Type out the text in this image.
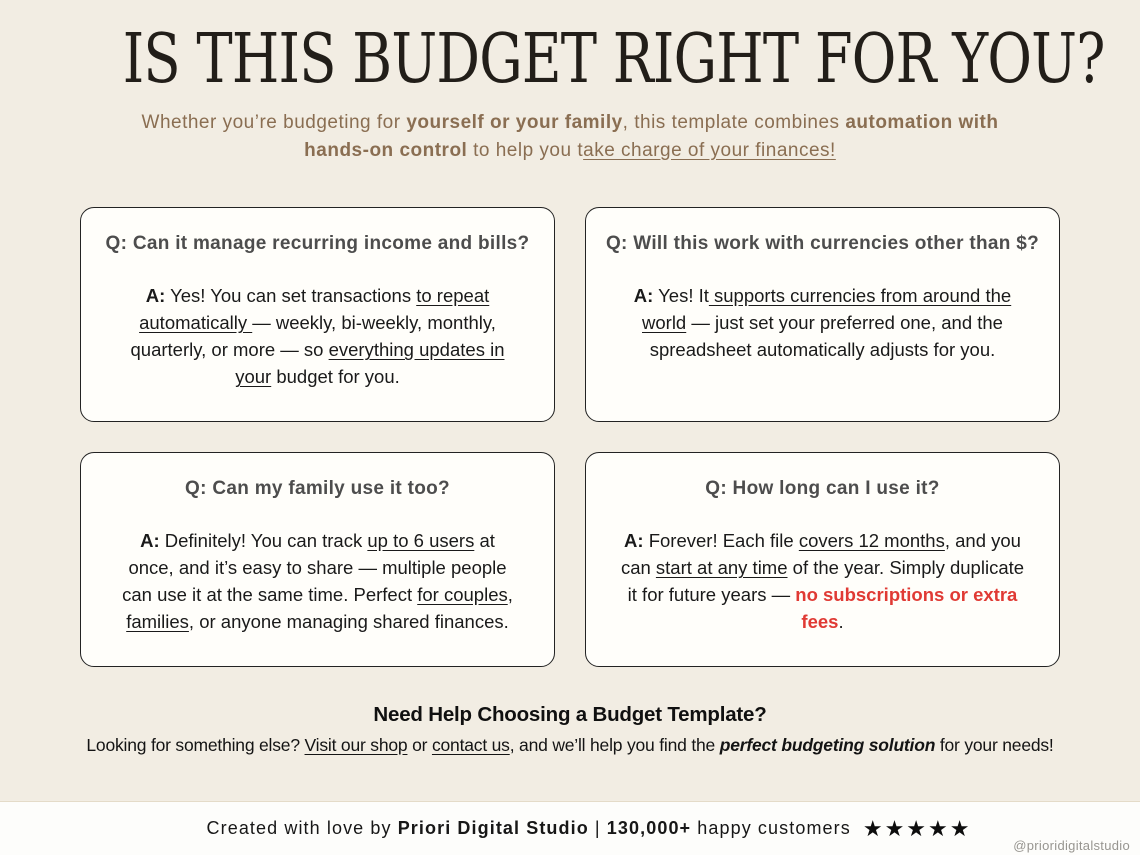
IS THIS BUDGET RIGHT FOR YOU?
Whether you’re budgeting for yourself or your family, this template combines automation with hands-on control to help you take charge of your finances!
Q: Can it manage recurring income and bills?
A: Yes! You can set transactions to repeat automatically — weekly, bi-weekly, monthly, quarterly, or more — so everything updates in your budget for you.
Q: Will this work with currencies other than $?
A: Yes! It supports currencies from around the world — just set your preferred one, and the spreadsheet automatically adjusts for you.
Q: Can my family use it too?
A: Definitely! You can track up to 6 users at once, and it’s easy to share — multiple people can use it at the same time. Perfect for couples, families, or anyone managing shared finances.
Q: How long can I use it?
A: Forever! Each file covers 12 months, and you can start at any time of the year. Simply duplicate it for future years — no subscriptions or extra fees.
Need Help Choosing a Budget Template?
Looking for something else? Visit our shop or contact us, and we’ll help you find the perfect budgeting solution for your needs!
Created with love by Priori Digital Studio | 130,000+ happy customers ★★★★★
@prioridigitalstudio
